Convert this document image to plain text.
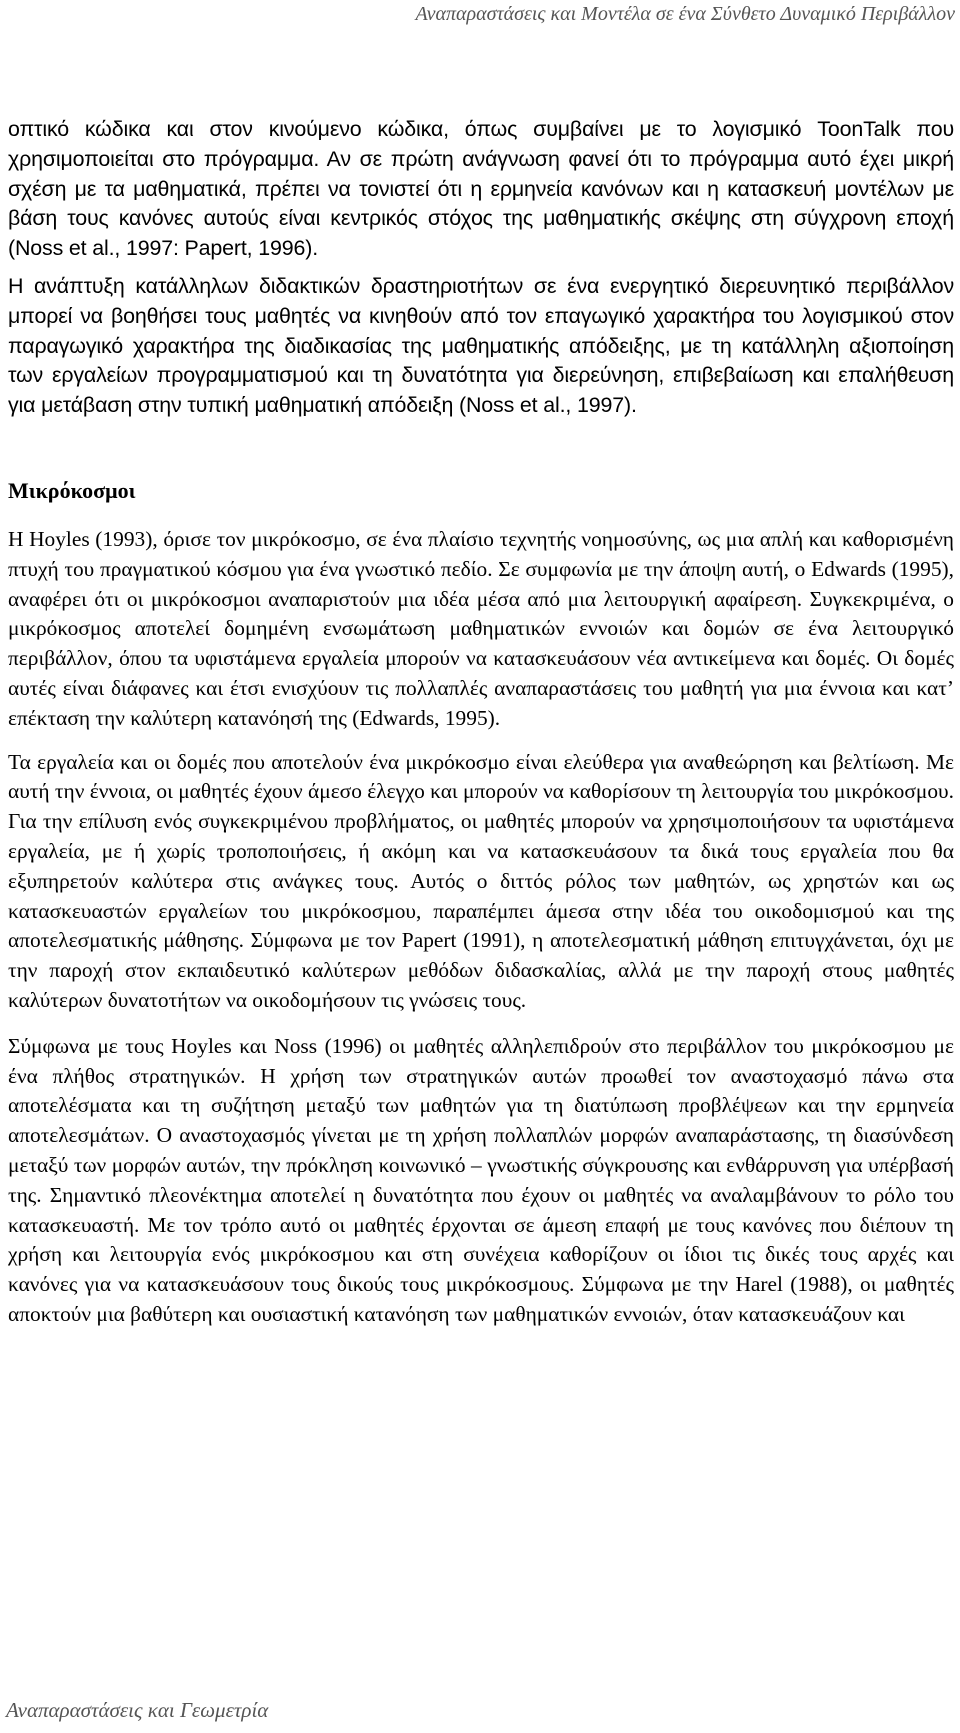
Αναπαραστάσεις και Μοντέλα σε ένα Σύνθετο Δυναμικό Περιβάλλον

οπτικό κώδικα και στον κινούμενο κώδικα, όπως συμβαίνει με το λογισμικό ToonTalk που χρησιμοποιείται στο πρόγραμμα. Αν σε πρώτη ανάγνωση φανεί ότι το πρόγραμμα αυτό έχει μικρή σχέση με τα μαθηματικά, πρέπει να τονιστεί ότι η ερμηνεία κανόνων και η κατασκευή μοντέλων με βάση τους κανόνες αυτούς είναι κεντρικός στόχος της μαθηματικής σκέψης στη σύγχρονη εποχή (Noss et al., 1997: Papert, 1996).

Η ανάπτυξη κατάλληλων διδακτικών δραστηριοτήτων σε ένα ενεργητικό διερευνητικό περιβάλλον μπορεί να βοηθήσει τους μαθητές να κινηθούν από τον επαγωγικό χαρακτήρα του λογισμικού στον παραγωγικό χαρακτήρα της διαδικασίας της μαθηματικής απόδειξης, με τη κατάλληλη αξιοποίηση των εργαλείων προγραμματισμού και τη δυνατότητα για διερεύνηση, επιβεβαίωση και επαλήθευση για μετάβαση στην τυπική μαθηματική απόδειξη (Noss et al., 1997).

Μικρόκοσμοι

Η Hoyles (1993), όρισε τον μικρόκοσμο, σε ένα πλαίσιο τεχνητής νοημοσύνης, ως μια απλή και καθορισμένη πτυχή του πραγματικού κόσμου για ένα γνωστικό πεδίο. Σε συμφωνία με την άποψη αυτή, ο Edwards (1995), αναφέρει ότι οι μικρόκοσμοι αναπαριστούν μια ιδέα μέσα από μια λειτουργική αφαίρεση. Συγκεκριμένα, ο μικρόκοσμος αποτελεί δομημένη ενσωμάτωση μαθηματικών εννοιών και δομών σε ένα λειτουργικό περιβάλλον, όπου τα υφιστάμενα εργαλεία μπορούν να κατασκευάσουν νέα αντικείμενα και δομές. Οι δομές αυτές είναι διάφανες και έτσι ενισχύουν τις πολλαπλές αναπαραστάσεις του μαθητή για μια έννοια και κατ’ επέκταση την καλύτερη κατανόησή της (Edwards, 1995).

Τα εργαλεία και οι δομές που αποτελούν ένα μικρόκοσμο είναι ελεύθερα για αναθεώρηση και βελτίωση. Με αυτή την έννοια, οι μαθητές έχουν άμεσο έλεγχο και μπορούν να καθορίσουν τη λειτουργία του μικρόκοσμου. Για την επίλυση ενός συγκεκριμένου προβλήματος, οι μαθητές μπορούν να χρησιμοποιήσουν τα υφιστάμενα εργαλεία, με ή χωρίς τροποποιήσεις, ή ακόμη και να κατασκευάσουν τα δικά τους εργαλεία που θα εξυπηρετούν καλύτερα στις ανάγκες τους. Αυτός ο διττός ρόλος των μαθητών, ως χρηστών και ως κατασκευαστών εργαλείων του μικρόκοσμου, παραπέμπει άμεσα στην ιδέα του οικοδομισμού και της αποτελεσματικής μάθησης. Σύμφωνα με τον Papert (1991), η αποτελεσματική μάθηση επιτυγχάνεται, όχι με την παροχή στον εκπαιδευτικό καλύτερων μεθόδων διδασκαλίας, αλλά με την παροχή στους μαθητές καλύτερων δυνατοτήτων να οικοδομήσουν τις γνώσεις τους.

Σύμφωνα με τους Hoyles και Noss (1996) οι μαθητές αλληλεπιδρούν στο περιβάλλον του μικρόκοσμου με ένα πλήθος στρατηγικών. Η χρήση των στρατηγικών αυτών προωθεί τον αναστοχασμό πάνω στα αποτελέσματα και τη συζήτηση μεταξύ των μαθητών για τη διατύπωση προβλέψεων και την ερμηνεία αποτελεσμάτων. Ο αναστοχασμός γίνεται με τη χρήση πολλαπλών μορφών αναπαράστασης, τη διασύνδεση μεταξύ των μορφών αυτών, την πρόκληση κοινωνικό – γνωστικής σύγκρουσης και ενθάρρυνση για υπέρβασή της. Σημαντικό πλεονέκτημα αποτελεί η δυνατότητα που έχουν οι μαθητές να αναλαμβάνουν το ρόλο του κατασκευαστή. Με τον τρόπο αυτό οι μαθητές έρχονται σε άμεση επαφή με τους κανόνες που διέπουν τη χρήση και λειτουργία ενός μικρόκοσμου και στη συνέχεια καθορίζουν οι ίδιοι τις δικές τους αρχές και κανόνες για να κατασκευάσουν τους δικούς τους μικρόκοσμους. Σύμφωνα με την Harel (1988), οι μαθητές αποκτούν μια βαθύτερη και ουσιαστική κατανόηση των μαθηματικών εννοιών, όταν κατασκευάζουν και

Αναπαραστάσεις και Γεωμετρία
